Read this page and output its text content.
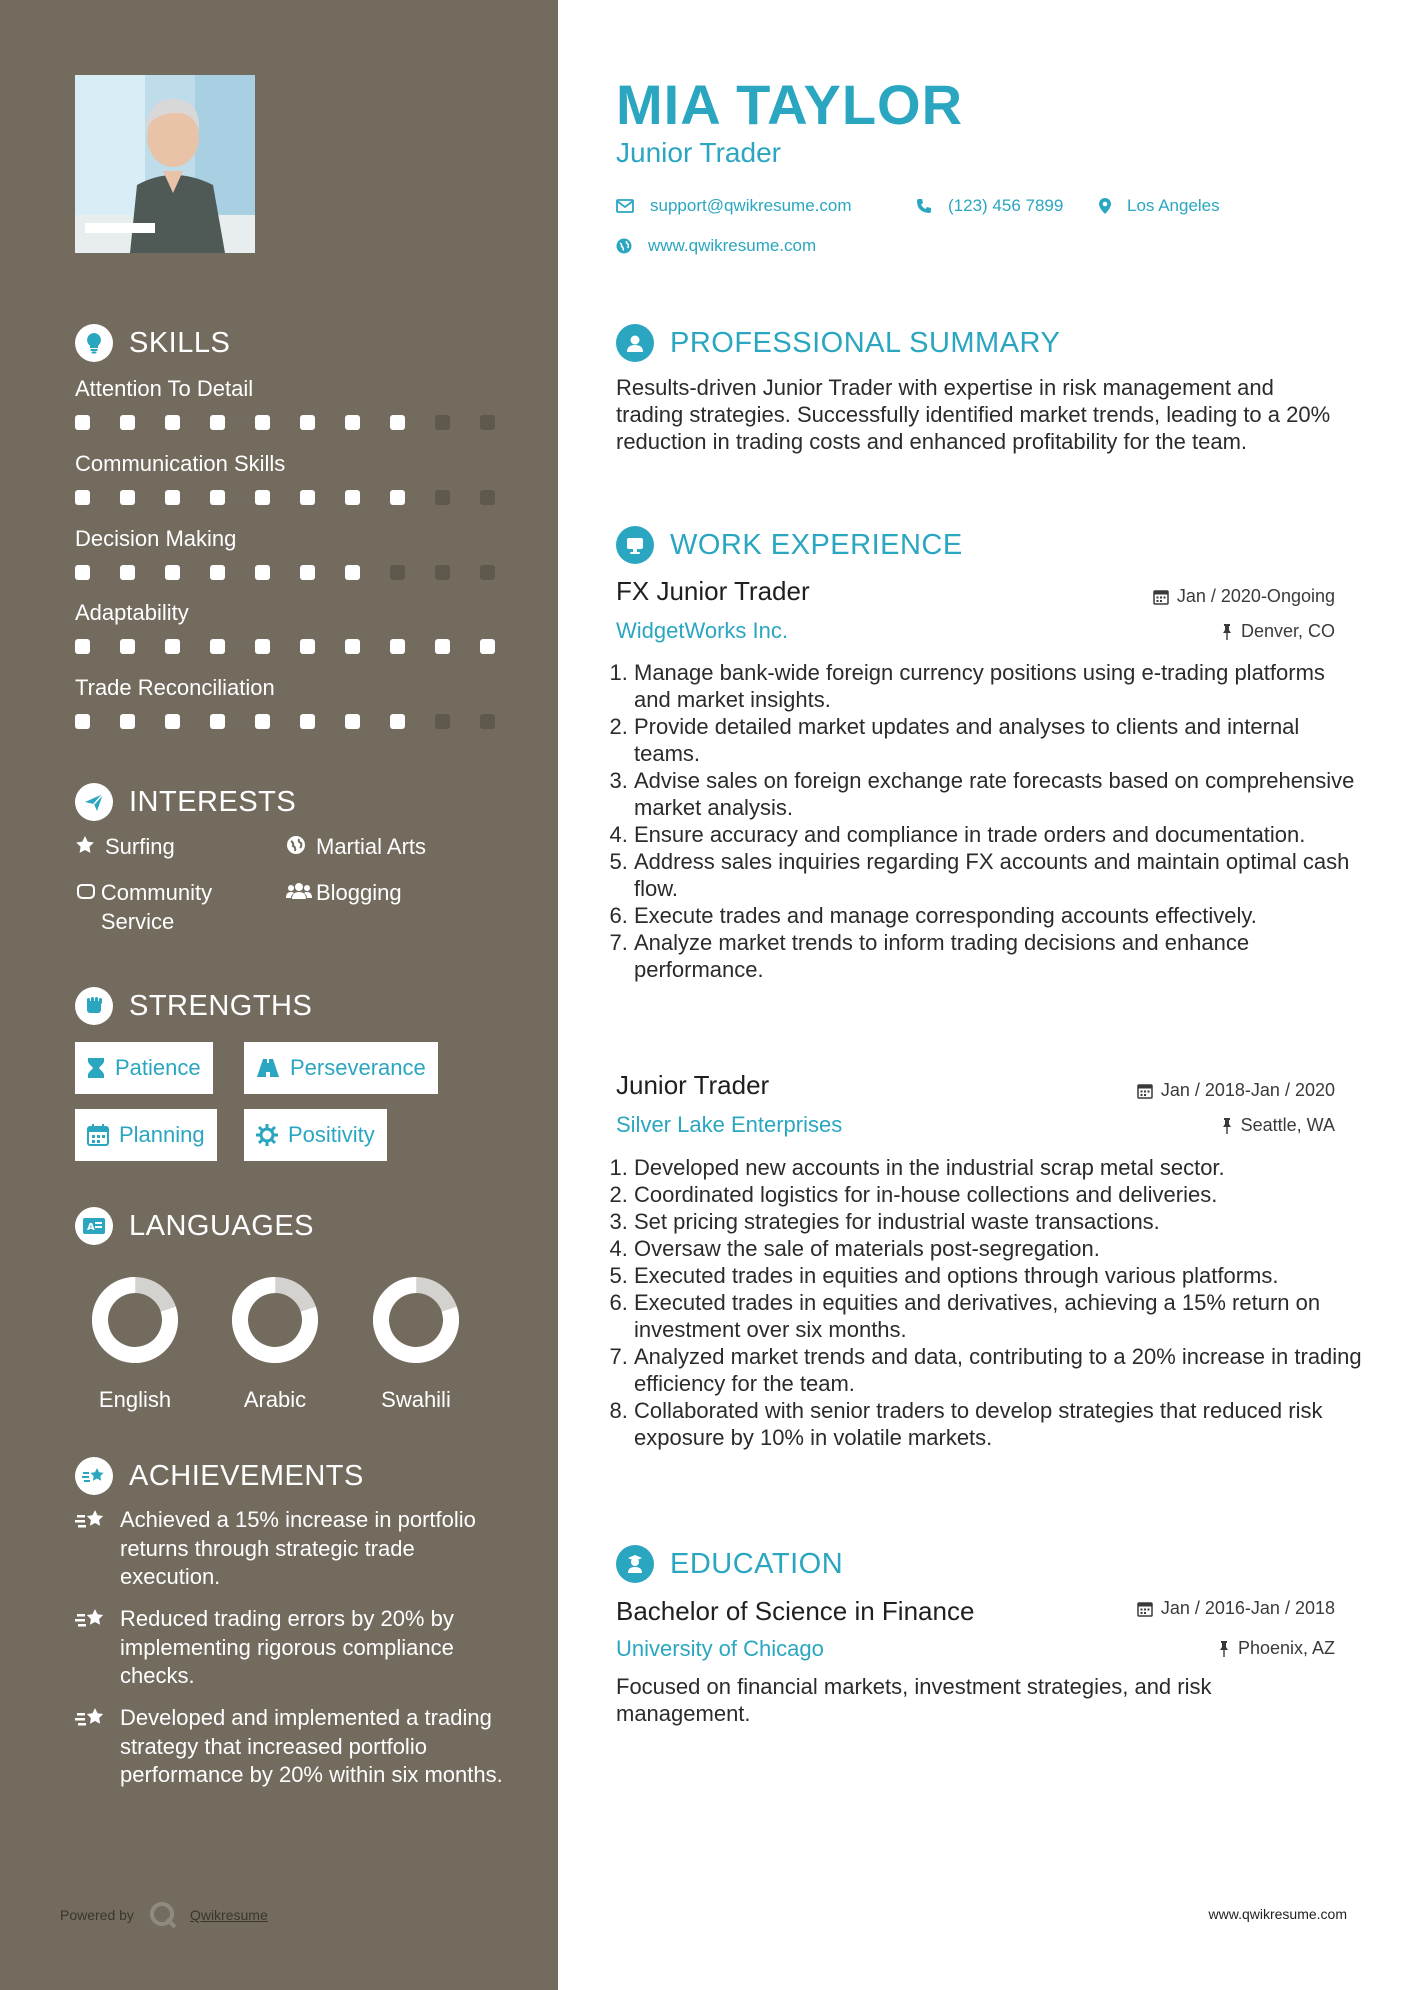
SKILLS
Attention To Detail
Communication Skills
Decision Making
Adaptability
Trade Reconciliation
INTERESTS
Surfing	Martial Arts
Community Service
Blogging
STRENGTHS
Patience	Perseverance
Planning	Positivity
A LANGUAGES
English	Arabic	Swahili
ACHIEVEMENTS
Achieved a 15% increase in portfolio returns through strategic trade execution.
Reduced trading errors by 20% by implementing rigorous compliance checks.
Developed and implemented a trading strategy that increased portfolio performance by 20% within six months.
Powered by	Qwikresume
MIA TAYLOR
Junior Trader
support@qwikresume.com	(123) 456 7899	Los Angeles
www.qwikresume.com
PROFESSIONAL SUMMARY
Results-driven Junior Trader with expertise in risk management and trading strategies. Successfully identified market trends, leading to a 20% reduction in trading costs and enhanced profitability for the team.
WORK EXPERIENCE
FX Junior Trader	Jan / 2020-Ongoing
WidgetWorks Inc.	Denver, CO
1. Manage bank-wide foreign currency positions using e-trading platforms and market insights.
2. Provide detailed market updates and analyses to clients and internal teams.
3. Advise sales on foreign exchange rate forecasts based on comprehensive market analysis.
4. Ensure accuracy and compliance in trade orders and documentation.
5. Address sales inquiries regarding FX accounts and maintain optimal cash flow.
6. Execute trades and manage corresponding accounts effectively.
7. Analyze market trends to inform trading decisions and enhance performance.
Junior Trader	Jan / 2018-Jan / 2020
Silver Lake Enterprises	Seattle, WA
1. Developed new accounts in the industrial scrap metal sector.
2. Coordinated logistics for in-house collections and deliveries.
3. Set pricing strategies for industrial waste transactions.
4. Oversaw the sale of materials post-segregation.
5. Executed trades in equities and options through various platforms.
6. Executed trades in equities and derivatives, achieving a 15% return on investment over six months.
7. Analyzed market trends and data, contributing to a 20% increase in trading efficiency for the team.
8. Collaborated with senior traders to develop strategies that reduced risk exposure by 10% in volatile markets.
EDUCATION
Bachelor of Science in Finance	Jan / 2016-Jan / 2018
University of Chicago	Phoenix, AZ
Focused on financial markets, investment strategies, and risk management.
www.qwikresume.com
